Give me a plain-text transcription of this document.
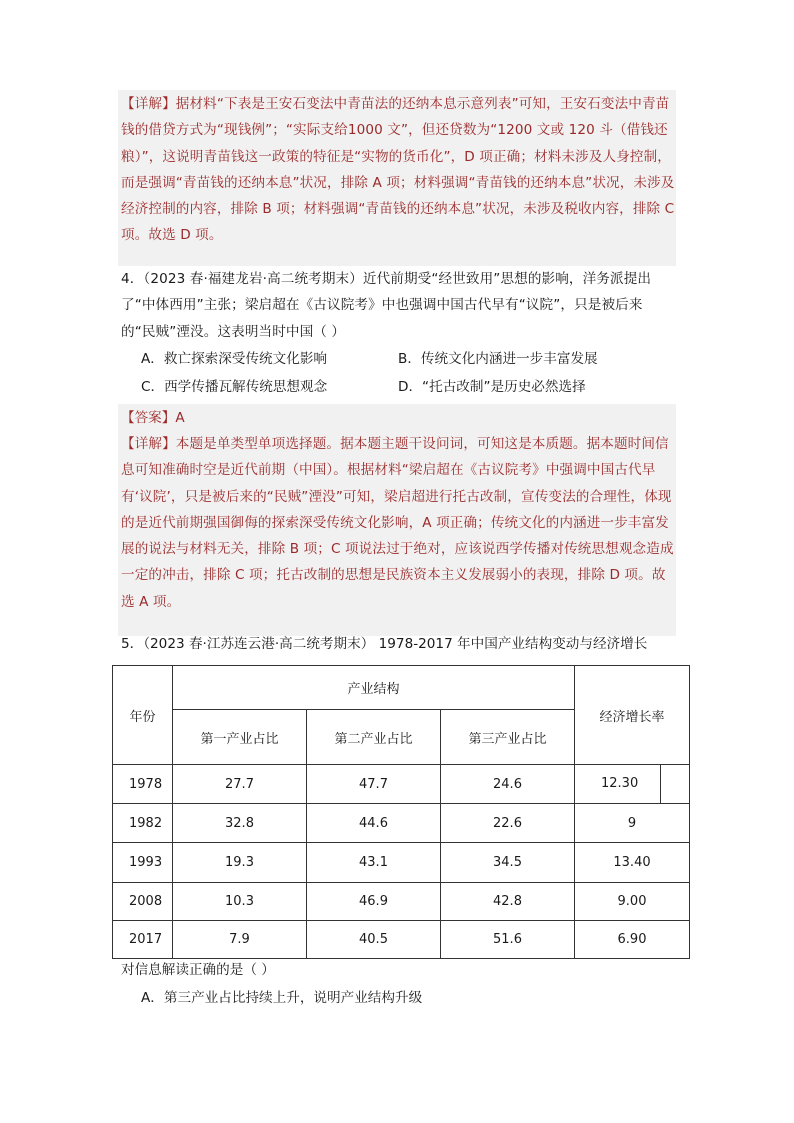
【详解】据材料“下表是王安石变法中青苗法的还纳本息示意列表”可知，王安石变法中青苗钱的借贷方式为“现钱例”；“实际支给1000 文”，但还贷数为“1200 文或 120 斗（借钱还粮）”，这说明青苗钱这一政策的特征是“实物的货币化”，D 项正确；材料未涉及人身控制，而是强调“青苗钱的还纳本息”状况，排除 A 项；材料强调“青苗钱的还纳本息”状况，未涉及经济控制的内容，排除 B 项；材料强调“青苗钱的还纳本息”状况，未涉及税收内容，排除 C 项。故选 D 项。

4．（2023 春·福建龙岩·高二统考期末）近代前期受“经世致用”思想的影响，洋务派提出了“中体西用”主张；梁启超在《古议院考》中也强调中国古代早有“议院”，只是被后来的“民贼”湮没。这表明当时中国（ ）

A．救亡探索深受传统文化影响	B．传统文化内涵进一步丰富发展
C．西学传播瓦解传统思想观念	D．“托古改制”是历史必然选择
【答案】A

【详解】本题是单类型单项选择题。据本题主题干设问词，可知这是本质题。据本题时间信息可知准确时空是近代前期（中国）。根据材料“梁启超在《古议院考》中强调中国古代早有‘议院’，只是被后来的“民贼”湮没”可知，梁启超进行托古改制，宣传变法的合理性，体现的是近代前期强国御侮的探索深受传统文化影响，A 项正确；传统文化的内涵进一步丰富发展的说法与材料无关，排除 B 项；C 项说法过于绝对，应该说西学传播对传统思想观念造成一定的冲击，排除 C 项；托古改制的思想是民族资本主义发展弱小的表现，排除 D 项。故选 A 项。

5．（2023 春·江苏连云港·高二统考期末） 1978-2017 年中国产业结构变动与经济增长
年份	产业结构			经济增长率
	第一产业占比	第二产业占比	第三产业占比	
1978	27.7	47.7	24.6	12.30

1982	32.8	44.6	22.6	9
1993	19.3	43.1	34.5	13.40
2008	10.3	46.9	42.8	9.00
2017	7.9	40.5	51.6	6.90
对信息解读正确的是（ ）
A．第三产业占比持续上升，说明产业结构升级
